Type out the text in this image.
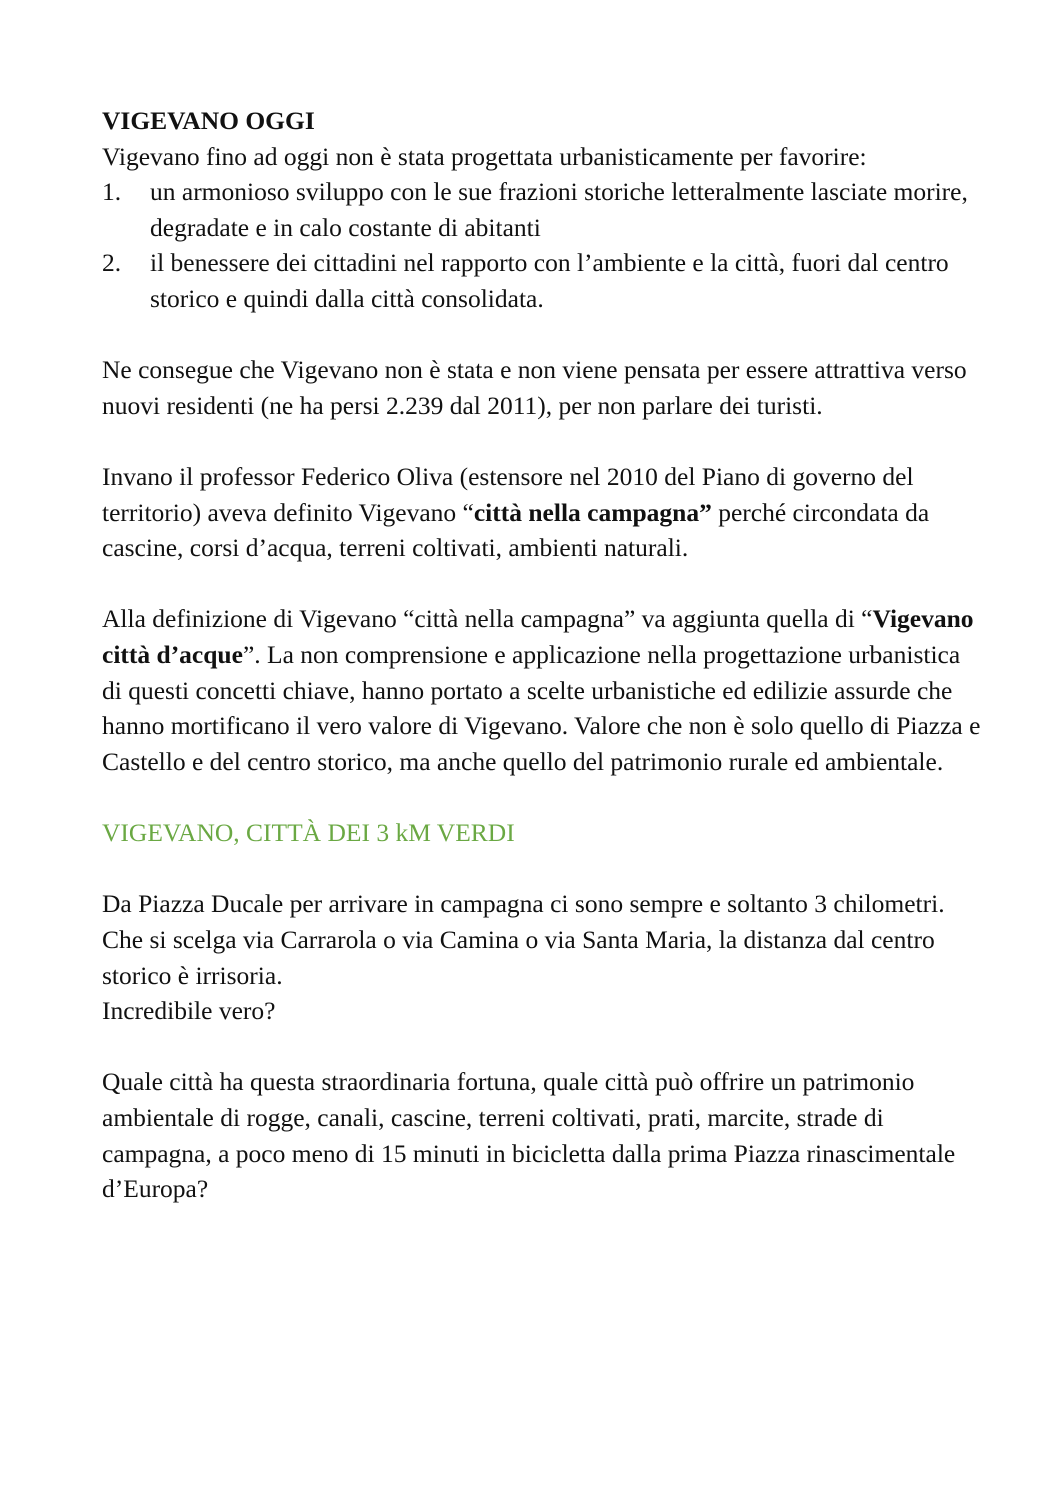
VIGEVANO OGGI

Vigevano fino ad oggi non è stata progettata urbanisticamente per favorire:

1. un armonioso sviluppo con le sue frazioni storiche letteralmente lasciate morire, degradate e in calo costante di abitanti
2. il benessere dei cittadini nel rapporto con l’ambiente e la città, fuori dal centro storico e quindi dalla città consolidata.

Ne consegue che Vigevano non è stata e non viene pensata per essere attrattiva verso nuovi residenti (ne ha persi 2.239 dal 2011), per non parlare dei turisti.

Invano il professor Federico Oliva (estensore nel 2010 del Piano di governo del territorio) aveva definito Vigevano “città nella campagna” perché circondata da cascine, corsi d’acqua, terreni coltivati, ambienti naturali.

Alla definizione di Vigevano “città nella campagna” va aggiunta quella di “Vigevano città d’acque”. La non comprensione e applicazione nella progettazione urbanistica di questi concetti chiave, hanno portato a scelte urbanistiche ed edilizie assurde che hanno mortificano il vero valore di Vigevano. Valore che non è solo quello di Piazza e Castello e del centro storico, ma anche quello del patrimonio rurale ed ambientale.

VIGEVANO, CITTÀ DEI 3 kM VERDI

Da Piazza Ducale per arrivare in campagna ci sono sempre e soltanto 3 chilometri. Che si scelga via Carrarola o via Camina o via Santa Maria, la distanza dal centro storico è irrisoria.

Incredibile vero?

Quale città ha questa straordinaria fortuna, quale città può offrire un patrimonio ambientale di rogge, canali, cascine, terreni coltivati, prati, marcite, strade di campagna, a poco meno di 15 minuti in bicicletta dalla prima Piazza rinascimentale d’Europa?
